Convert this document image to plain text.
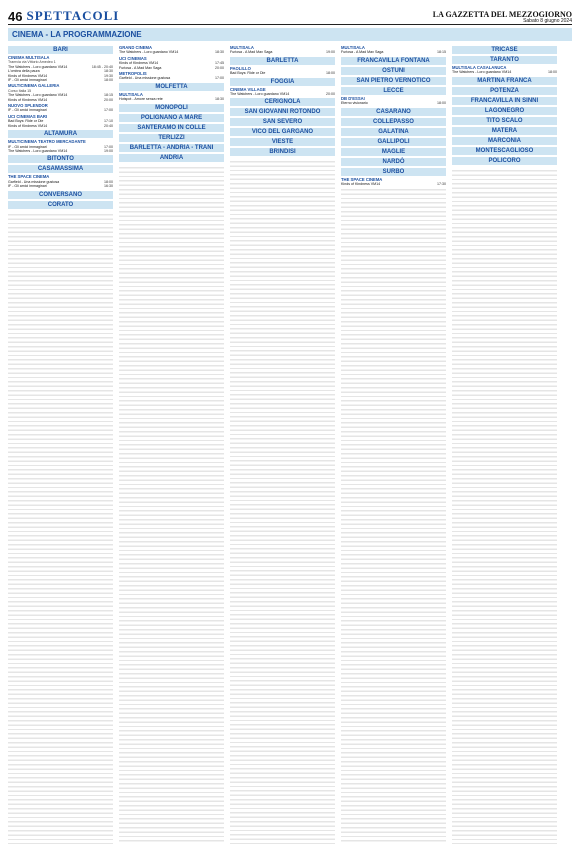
46 SPETTACOLI	LA GAZZETTA DEL MEZZOGIORNO
Sabato 8 giugno 2024
CINEMA - LA PROGRAMMAZIONE
BARI
CINEMA MULTISALA
Tramvia via Vittorio Amedeo 1
The Watchers - Loro guardano VM14	18:45 - 20:40
L'ombra della paura	18:30
Kinds of Kindness VM14	19:30
IF - Gli amici immaginari	18:00
MULTICINEMA GALLERIA
Corso Italia 15
The Watchers - Loro guardano VM14	18:15
Kinds of Kindness VM14	20:00
NUOVO SPLENDOR
IF - Gli amici immaginari	17:00
UCI CINEMAS BARI
Bad Boys: Ride or Die	17:10
Kinds of Kindness VM14	20:40
ALTAMURA
MULTICINEMA TEATRO MERCADANTE
IF - Gli amici immaginari	17:00
The Watchers - Loro guardano VM14	19:00
BITONTO
CASAMASSIMA
THE SPACE CINEMA
Garfield - Una missione gustosa	18:00
IF - Gli amici immaginari	16:30
CONVERSANO
CORATO
GRAND CINEMA
The Watchers - Loro guardano VM14	18:30
UCI CINEMAS
Kinds of Kindness VM14	17:45
Furiosa - A Mad Max Saga	20:00
METROPOLIS
Garfield - Una missione gustosa	17:00
MOLFETTA
MULTISALA
Hotspot - Amore senza rete	18:30
MONOPOLI
POLIGNANO A MARE
SANTERAMO IN COLLE
TERLIZZI
BARLETTA - ANDRIA - TRANI
ANDRIA
MULTISALA
Furiosa - A Mad Max Saga	19:00
BARLETTA
PAOLILLO
Bad Boys: Ride or Die	18:00
FOGGIA
CINEMA VILLAGE
The Watchers - Loro guardano VM14	20:00
CERIGNOLA
SAN GIOVANNI ROTONDO
SAN SEVERO
VICO DEL GARGANO
VIESTE
BRINDISI
MULTISALA
Furiosa - A Mad Max Saga	18:15
FRANCAVILLA FONTANA
OSTUNI
SAN PIETRO VERNOTICO
LECCE
DB D'ESSAI
Eterno visionario	18:00
CASARANO
COLLEPASSO
GALATINA
GALLIPOLI
MAGLIE
NARDÒ
SURBO
THE SPACE CINEMA
Kinds of Kindness VM14	17:30
TRICASE
TARANTO
MULTISALA CASALANUCA
The Watchers - Loro guardano VM14	18:00
MARTINA FRANCA
POTENZA
FRANCAVILLA IN SINNI
LAGONEGRO
TITO SCALO
MATERA
MARCONIA
MONTESCAGLIOSO
POLICORO
